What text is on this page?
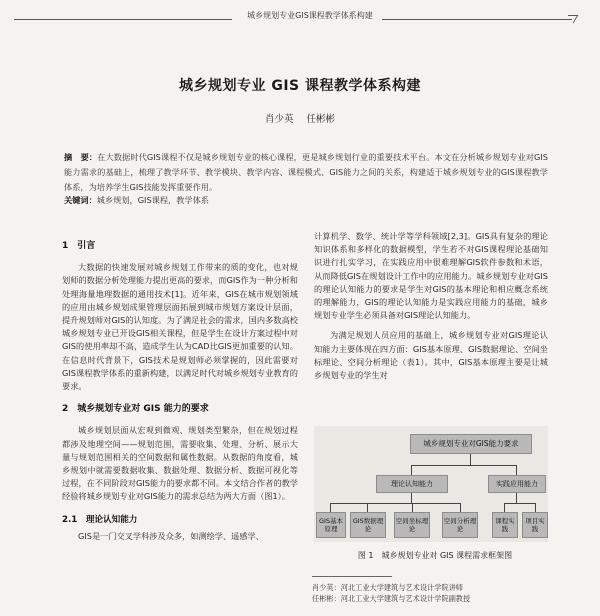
城乡规划专业GIS课程教学体系构建
城乡规划专业 GIS 课程教学体系构建
肖少英 任彬彬
摘　要：在大数据时代GIS课程不仅是城乡规划专业的核心课程，更是城乡规划行业的重要技术平台。本文在分析城乡规划专业对GIS能力需求的基础上，梳理了教学环节、教学模块、教学内容、课程模式、GIS能力之间的关系，构建适于城乡规划专业的GIS课程教学体系，为培养学生GIS技能发挥重要作用。
关键词：城乡规划，GIS课程，教学体系
1　引言

大数据的快速发展对城乡规划工作带来的质的变化，也对规划师的数据分析处理能力提出更高的要求，而GIS作为一种分析和处理海量地理数据的通用技术[1]。近年来，GIS在城市规划领域的应用由城乡规划成果管理层面拓展到城市规划方案设计层面，提升规划师对GIS的认知度。为了满足社会的需求，国内多数高校城乡规划专业已开设GIS相关课程，但是学生在设计方案过程中对GIS的使用率却不高，造成学生认为CAD比GIS更加重要的认知。在信息时代背景下，GIS技术是规划师必须掌握的，因此需要对GIS课程教学体系的重新构建，以满足时代对城乡规划专业教育的要求。

2　城乡规划专业对 GIS 能力的要求

城乡规划层面从宏观到微观、规划类型繁杂，但在规划过程都涉及地理空间——规划范围，需要收集、处理、分析、展示大量与规划范围相关的空间数据和属性数据。从数据的角度看，城乡规划中就需要数据收集、数据处理、数据分析、数据可视化等过程，在不同阶段对GIS能力的要求都不同。本文结合作者的教学经验将城乡规划专业对GIS能力的需求总结为两大方面（图1）。

2.1　理论认知能力

GIS是一门交叉学科涉及众多，如测绘学、遥感学、

计算机学、数学、统计学等学科领域[2,3]。GIS具有复杂的理论知识体系和多样化的数据模型，学生若不对GIS课程理论基础知识进行扎实学习，在实践应用中很难理解GIS软件参数和术语，从而降低GIS在规划设计工作中的应用能力。城乡规划专业对GIS的理论认知能力的要求是学生对GIS的基本理论和相应概念系统的理解能力，GIS的理论认知能力是实践应用能力的基础，城乡规划专业学生必须具备对GIS理论认知能力。

为满足规划人员应用的基础上，城乡规划专业对GIS理论认知能力主要体现在四方面：GIS基本原理、GIS数据理论、空间坐标理论、空间分析理论（表1）。其中，GIS基本原理主要是让城乡规划专业的学生对

城乡规划专业对GIS能力要求
理论认知能力	实践应用能力
GIS基本原理
GIS数据理论
空间坐标理论
空间分析理论
课程实践
项目实践
图 1　城乡规划专业对 GIS 课程需求框架图
肖少英：河北工业大学建筑与艺术设计学院讲师
任彬彬：河北工业大学建筑与艺术设计学院副教授
